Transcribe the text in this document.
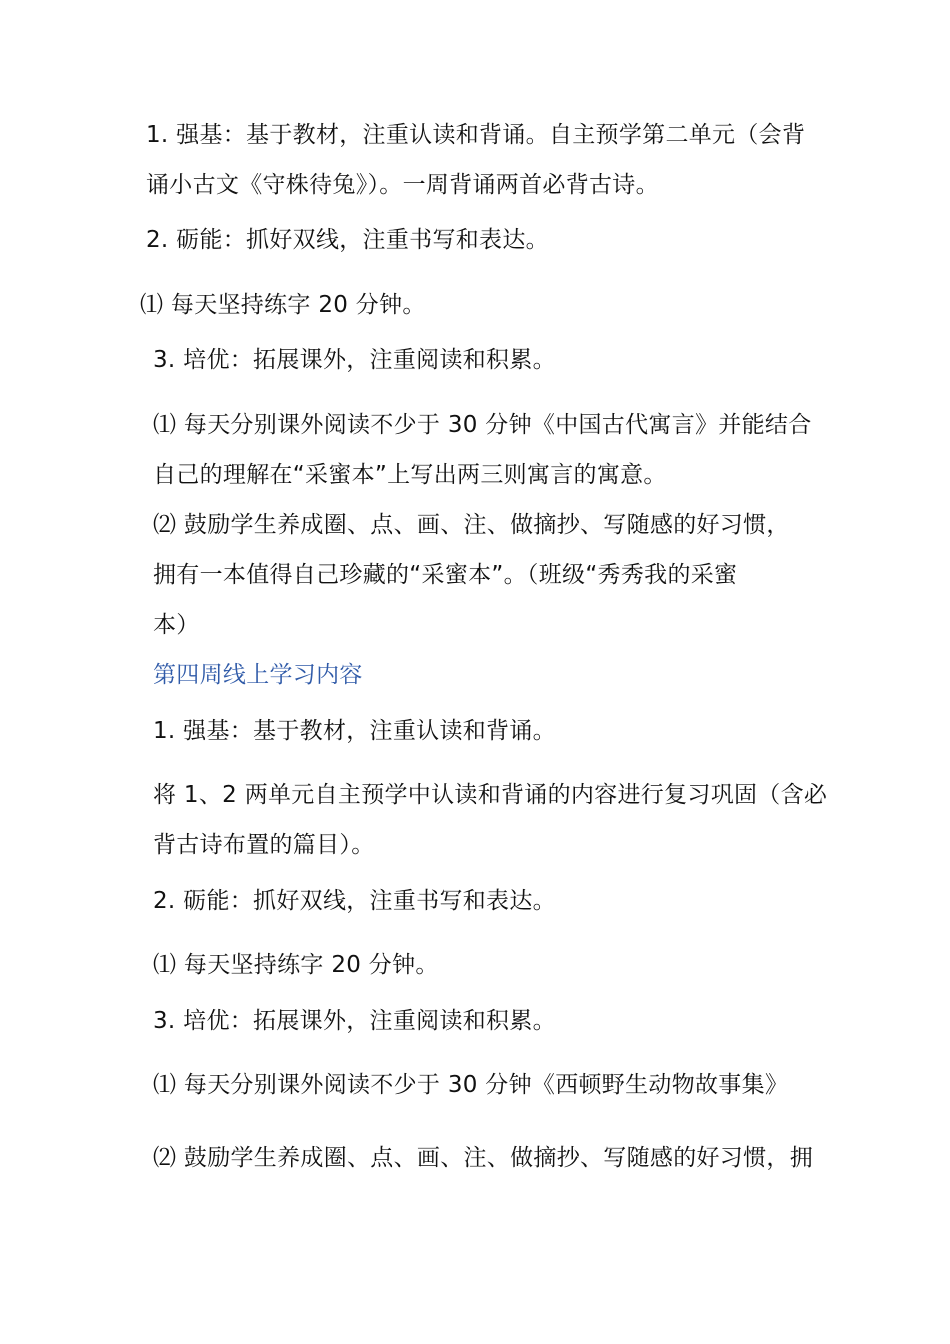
1. 强基：基于教材，注重认读和背诵。自主预学第二单元（会背
诵小古文《守株待兔》）。一周背诵两首必背古诗。
2. 砺能：抓好双线，注重书写和表达。
⑴ 每天坚持练字 20 分钟。
3. 培优：拓展课外，注重阅读和积累。
⑴ 每天分别课外阅读不少于 30 分钟《中国古代寓言》并能结合
自己的理解在“采蜜本”上写出两三则寓言的寓意。
⑵ 鼓励学生养成圈、点、画、注、做摘抄、写随感的好习惯，
拥有一本值得自己珍藏的“采蜜本”。（班级“秀秀我的采蜜
本）
第四周线上学习内容
1. 强基：基于教材，注重认读和背诵。
将 1、2 两单元自主预学中认读和背诵的内容进行复习巩固（含必
背古诗布置的篇目）。
2. 砺能：抓好双线，注重书写和表达。
⑴ 每天坚持练字 20 分钟。
3. 培优：拓展课外，注重阅读和积累。
⑴ 每天分别课外阅读不少于 30 分钟《西顿野生动物故事集》
⑵ 鼓励学生养成圈、点、画、注、做摘抄、写随感的好习惯，拥
